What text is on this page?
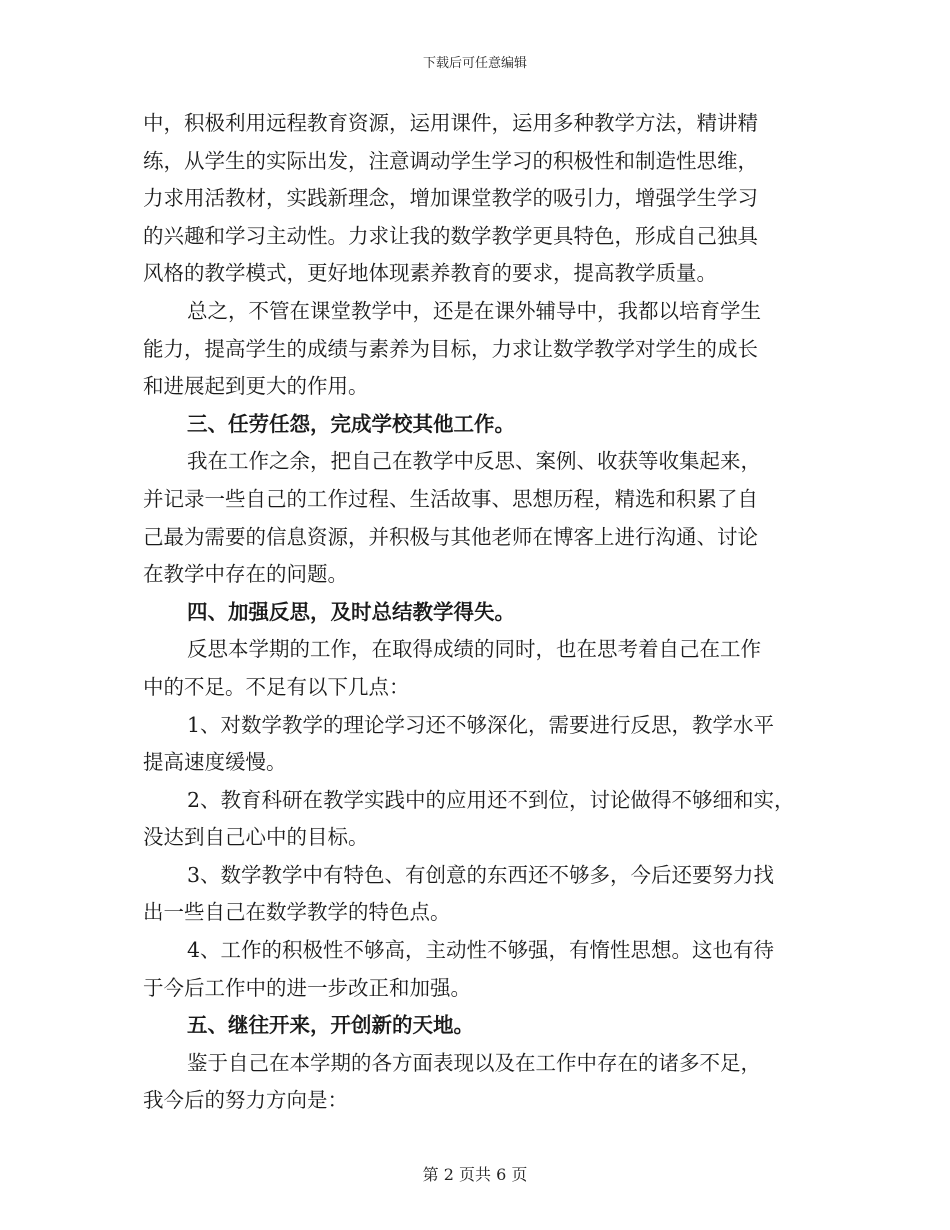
下载后可任意编辑
中，积极利用远程教育资源，运用课件，运用多种教学方法，精讲精
练，从学生的实际出发，注意调动学生学习的积极性和制造性思维，
力求用活教材，实践新理念，增加课堂教学的吸引力，增强学生学习
的兴趣和学习主动性。力求让我的数学教学更具特色，形成自己独具
风格的教学模式，更好地体现素养教育的要求，提高教学质量。
总之，不管在课堂教学中，还是在课外辅导中，我都以培育学生
能力，提高学生的成绩与素养为目标，力求让数学教学对学生的成长
和进展起到更大的作用。
三、任劳任怨，完成学校其他工作。
我在工作之余，把自己在教学中反思、案例、收获等收集起来，
并记录一些自己的工作过程、生活故事、思想历程，精选和积累了自
己最为需要的信息资源，并积极与其他老师在博客上进行沟通、讨论
在教学中存在的问题。
四、加强反思，及时总结教学得失。
反思本学期的工作，在取得成绩的同时，也在思考着自己在工作
中的不足。不足有以下几点：
1、对数学教学的理论学习还不够深化，需要进行反思，教学水平
提高速度缓慢。
2、教育科研在教学实践中的应用还不到位，讨论做得不够细和实，
没达到自己心中的目标。
3、数学教学中有特色、有创意的东西还不够多，今后还要努力找
出一些自己在数学教学的特色点。
4、工作的积极性不够高，主动性不够强，有惰性思想。这也有待
于今后工作中的进一步改正和加强。
五、继往开来，开创新的天地。
鉴于自己在本学期的各方面表现以及在工作中存在的诸多不足，
我今后的努力方向是：
第 2 页共 6 页
